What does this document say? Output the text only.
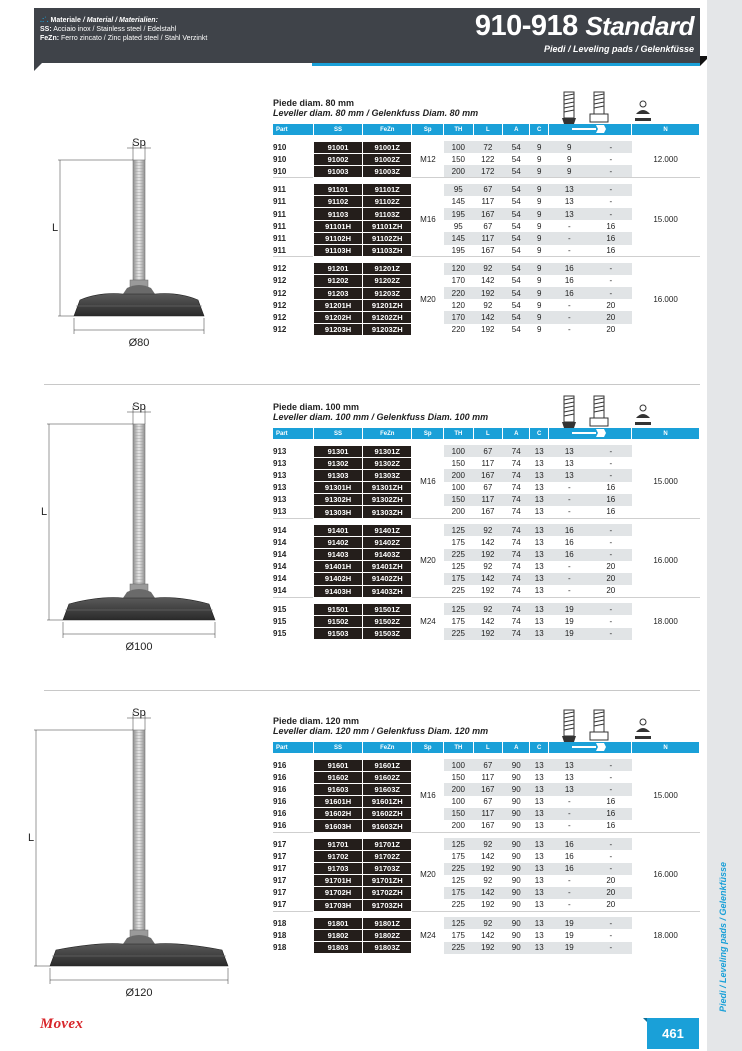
.:˙. Materiale / Material / Materialien:
SS: Acciaio inox / Stainless steel / Edelstahl
FeZn: Ferro zincato / Zinc plated steel / Stahl Verzinkt	910-918 Standard
Piedi / Leveling pads / Gelenkfüsse
Piedi / Leveling pads / Gelenkfüsse
Sp
L
Ø80
Piede diam. 80 mm
Leveller diam. 80 mm / Gelenkfuss Diam. 80 mm
Part	SS	FeZn	Sp	TH	L	A	C			N

910	91001	91001Z	M12	100	72	54	9	9	-	12.000
910	91002	91002Z		150	122	54	9	9	-	
910	91003	91003Z		200	172	54	9	9	-	

911	91101	91101Z	M16	95	67	54	9	13	-	15.000
911	91102	91102Z		145	117	54	9	13	-	
911	91103	91103Z		195	167	54	9	13	-	
911	91101H	91101ZH		95	67	54	9	-	16	
911	91102H	91102ZH		145	117	54	9	-	16	
911	91103H	91103ZH		195	167	54	9	-	16	

912	91201	91201Z	M20	120	92	54	9	16	-	16.000
912	91202	91202Z		170	142	54	9	16	-	
912	91203	91203Z		220	192	54	9	16	-	
912	91201H	91201ZH		120	92	54	9	-	20	
912	91202H	91202ZH		170	142	54	9	-	20	
912	91203H	91203ZH		220	192	54	9	-	20	
Sp
L
Ø100
Piede diam. 100 mm
Leveller diam. 100 mm / Gelenkfuss Diam. 100 mm
Part	SS	FeZn	Sp	TH	L	A	C			N

913	91301	91301Z	M16	100	67	74	13	13	-	15.000
913	91302	91302Z		150	117	74	13	13	-	
913	91303	91303Z		200	167	74	13	13	-	
913	91301H	91301ZH		100	67	74	13	-	16	
913	91302H	91302ZH		150	117	74	13	-	16	
913	91303H	91303ZH		200	167	74	13	-	16	

914	91401	91401Z	M20	125	92	74	13	16	-	16.000
914	91402	91402Z		175	142	74	13	16	-	
914	91403	91403Z		225	192	74	13	16	-	
914	91401H	91401ZH		125	92	74	13	-	20	
914	91402H	91402ZH		175	142	74	13	-	20	
914	91403H	91403ZH		225	192	74	13	-	20	

915	91501	91501Z	M24	125	92	74	13	19	-	18.000
915	91502	91502Z		175	142	74	13	19	-	
915	91503	91503Z		225	192	74	13	19	-	
Sp
L
Ø120
Piede diam. 120 mm
Leveller diam. 120 mm / Gelenkfuss Diam. 120 mm
Part	SS	FeZn	Sp	TH	L	A	C			N

916	91601	91601Z	M16	100	67	90	13	13	-	15.000
916	91602	91602Z		150	117	90	13	13	-	
916	91603	91603Z		200	167	90	13	13	-	
916	91601H	91601ZH		100	67	90	13	-	16	
916	91602H	91602ZH		150	117	90	13	-	16	
916	91603H	91603ZH		200	167	90	13	-	16	

917	91701	91701Z	M20	125	92	90	13	16	-	16.000
917	91702	91702Z		175	142	90	13	16	-	
917	91703	91703Z		225	192	90	13	16	-	
917	91701H	91701ZH		125	92	90	13	-	20	
917	91702H	91702ZH		175	142	90	13	-	20	
917	91703H	91703ZH		225	192	90	13	-	20	

918	91801	91801Z	M24	125	92	90	13	19	-	18.000
918	91802	91802Z		175	142	90	13	19	-	
918	91803	91803Z		225	192	90	13	19	-	
Movex
461
